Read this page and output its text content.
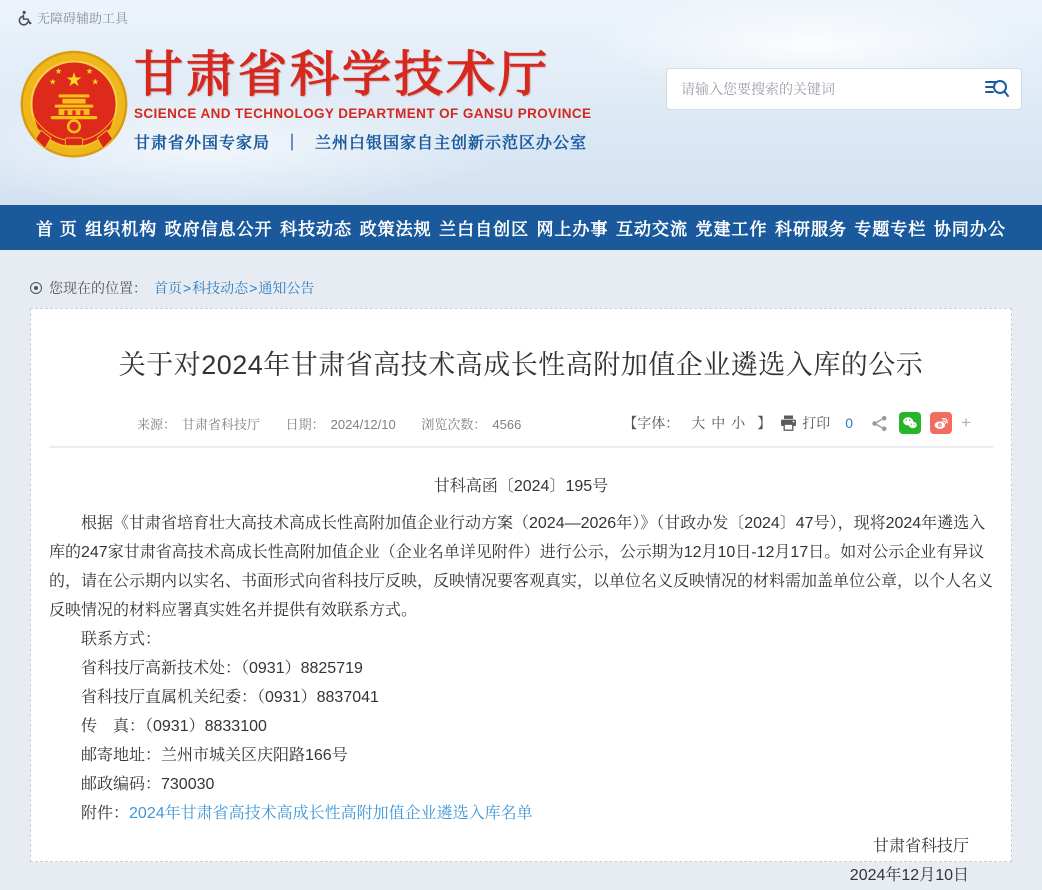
无障碍辅助工具
甘肃省科学技术厅
SCIENCE AND TECHNOLOGY DEPARTMENT OF GANSU PROVINCE
甘肃省外国专家局 ｜ 兰州白银国家自主创新示范区办公室
请输入您要搜索的关键词
首 页 组织机构 政府信息公开 科技动态 政策法规 兰白自创区 网上办事 互动交流 党建工作 科研服务 专题专栏 协同办公
您现在的位置： 首页> 科技动态> 通知公告
关于对2024年甘肃省高技术高成长性高附加值企业遴选入库的公示
来源： 甘肃省科技厅 日期： 2024/12/10 浏览次数： 4566	【字体： 大 中 小 】 打印 0	+
甘科高函〔2024〕195号

根据《甘肃省培育壮大高技术高成长性高附加值企业行动方案（2024—2026年）》（甘政办发〔2024〕47号），现将2024年遴选入库的247家甘肃省高技术高成长性高附加值企业（企业名单详见附件）进行公示，公示期为12月10日-12月17日。如对公示企业有异议的，请在公示期内以实名、书面形式向省科技厅反映，反映情况要客观真实，以单位名义反映情况的材料需加盖单位公章，以个人名义反映情况的材料应署真实姓名并提供有效联系方式。

联系方式：

省科技厅高新技术处：（0931）8825719

省科技厅直属机关纪委：（0931）8837041

传　真：（0931）8833100

邮寄地址：兰州市城关区庆阳路166号

邮政编码：730030

附件：2024年甘肃省高技术高成长性高附加值企业遴选入库名单

甘肃省科技厅
2024年12月10日
